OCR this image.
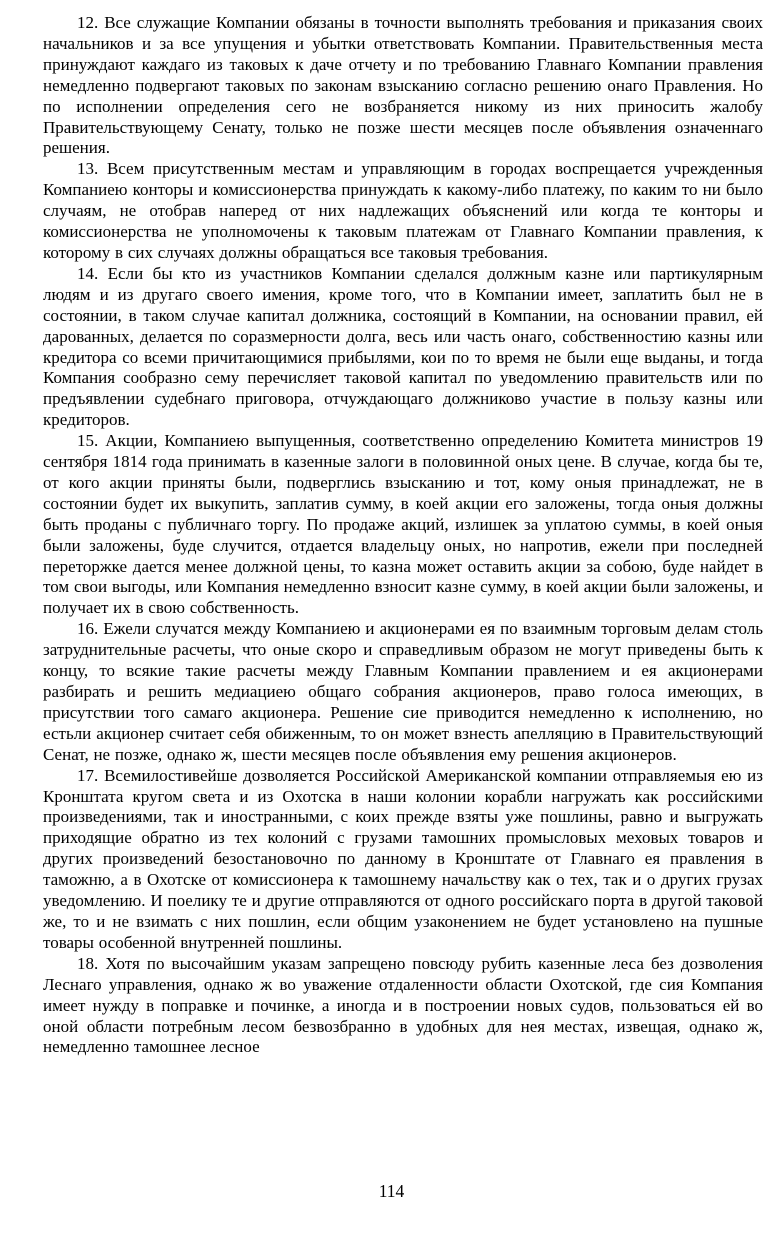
12. Все служащие Компании обязаны в точности выполнять требования и приказания своих начальников и за все упущения и убытки ответствовать Компании. Правительственныя места принуждают каждаго из таковых к даче отчету и по требованию Главнаго Компании правления немедленно подвергают таковых по законам взысканию согласно решению онаго Правления. Но по исполнении определения сего не возбраняется никому из них приносить жалобу Правительствующему Сенату, только не позже шести месяцев после объявления означеннаго решения.

13. Всем присутственным местам и управляющим в городах воспрещается учрежденныя Компаниею конторы и комиссионерства принуждать к какому-либо платежу, по каким то ни было случаям, не отобрав наперед от них надлежащих объяснений или когда те конторы и комиссионерства не уполномочены к таковым платежам от Главнаго Компании правления, к которому в сих случаях должны обращаться все таковыя требования.

14. Если бы кто из участников Компании сделался должным казне или партикулярным людям и из другаго своего имения, кроме того, что в Компании имеет, заплатить был не в состоянии, в таком случае капитал должника, состоящий в Компании, на основании правил, ей дарованных, делается по соразмерности долга, весь или часть онаго, собственностию казны или кредитора со всеми причитающимися прибылями, кои по то время не были еще выданы, и тогда Компания сообразно сему перечисляет таковой капитал по уведомлению правительств или по предъявлении судебнаго приговора, отчуждающаго должниково участие в пользу казны или кредиторов.

15. Акции, Компаниею выпущенныя, соответственно определению Комитета министров 19 сентября 1814 года принимать в казенные залоги в половинной оных цене. В случае, когда бы те, от кого акции приняты были, подверглись взысканию и тот, кому оныя принадлежат, не в состоянии будет их выкупить, заплатив сумму, в коей акции его заложены, тогда оныя должны быть проданы с публичнаго торгу. По продаже акций, излишек за уплатою суммы, в коей оныя были заложены, буде случится, отдается владельцу оных, но напротив, ежели при последней переторжке дается менее должной цены, то казна может оставить акции за собою, буде найдет в том свои выгоды, или Компания немедленно взносит казне сумму, в коей акции были заложены, и получает их в свою собственность.

16. Ежели случатся между Компаниею и акционерами ея по взаимным торговым делам столь затруднительные расчеты, что оные скоро и справедливым образом не могут приведены быть к концу, то всякие такие расчеты между Главным Компании правлением и ея акционерами разбирать и решить медиациею общаго собрания акционеров, право голоса имеющих, в присутствии того самаго акционера. Решение сие приводится немедленно к исполнению, но естьли акционер считает себя обиженным, то он может взнесть апелляцию в Правительствующий Сенат, не позже, однако ж, шести месяцев после объявления ему решения акционеров.

17. Всемилостивейше дозволяется Российской Американской компании отправляемыя ею из Кронштата кругом света и из Охотска в наши колонии корабли нагружать как российскими произведениями, так и иностранными, с коих прежде взяты уже пошлины, равно и выгружать приходящие обратно из тех колоний с грузами тамошних промысловых меховых товаров и других произведений безостановочно по данному в Кронштате от Главнаго ея правления в таможню, а в Охотске от комиссионера к тамошнему начальству как о тех, так и о других грузах уведомлению. И поелику те и другие отправляются от одного российскаго порта в другой таковой же, то и не взимать с них пошлин, если общим узаконением не будет установлено на пушные товары особенной внутренней пошлины.

18. Хотя по высочайшим указам запрещено повсюду рубить казенные леса без дозволения Леснаго управления, однако ж во уважение отдаленности области Охотской, где сия Компания имеет нужду в поправке и починке, а иногда и в построении новых судов, пользоваться ей во оной области потребным лесом безвозбранно в удобных для нея местах, извещая, однако ж, немедленно тамошнее лесное

114
